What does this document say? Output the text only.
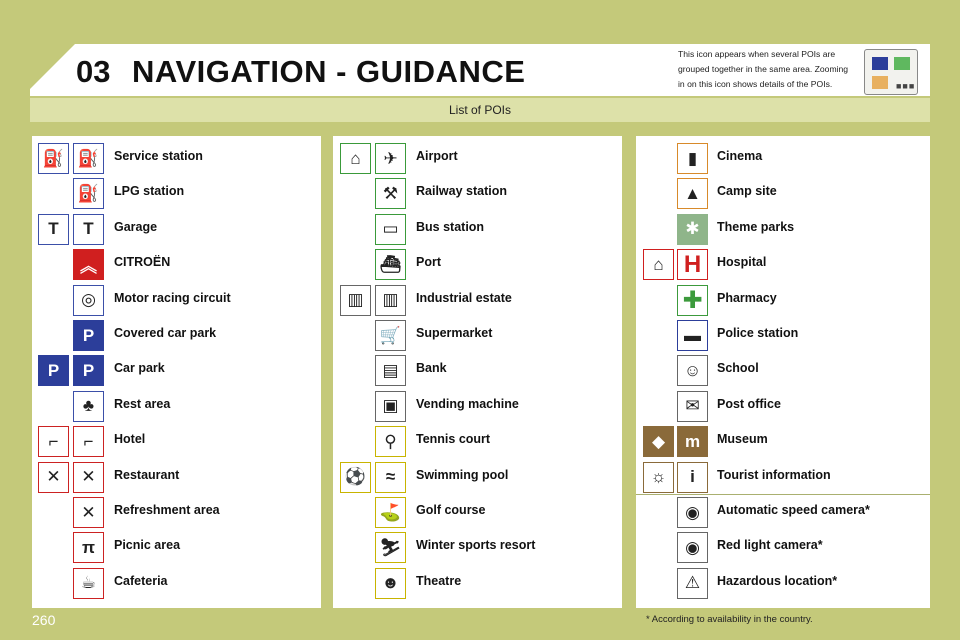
03 NAVIGATION - GUIDANCE	This icon appears when several POIs are grouped together in the same area. Zooming in on this icon shows details of the POIs.	■■■
List of POIs
⛽ ⛽	Service station
⛽	LPG station
T	T	Garage
︽	CITROËN
◎	Motor racing circuit
P	Covered car park
P	P	Car park
♣	Rest area
⌐	⌐	Hotel
✕	✕	Restaurant
✕	Refreshment area
π	Picnic area
☕	Cafeteria
⌂	✈	Airport
⚒	Railway station
▭	Bus station
⛴	Port
▥	▥	Industrial estate
🛒	Supermarket
▤	Bank
▣	Vending machine
⚲	Tennis court
⚽	≈	Swimming pool
⛳	Golf course
⛷	Winter sports resort
☻	Theatre
▮	Cinema
▲	Camp site
✱	Theme parks
⌂ H	Hospital
✚	Pharmacy
▬	Police station
☺	School
✉	Post office
◆	m	Museum
☼	i	Tourist information
◉	Automatic speed camera*
◉	Red light camera*
⚠	Hazardous location*
260	* According to availability in the country.
